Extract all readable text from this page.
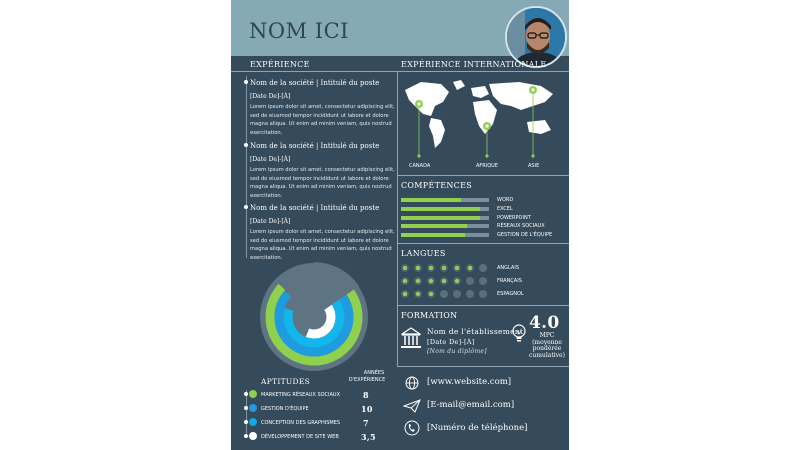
NOM ICI
EXPÉRIENCE	EXPÉRIENCE INTERNATIONALE
Nom de la société | Intitulé du poste
[Date De]-[À]
Lorem ipsum dolor sit amet, consectetur adipiscing elit, sed do eiusmod tempor incididunt ut labore et dolore magna aliqua. Ut enim ad minim veniam, quis nostrud exercitation.
Nom de la société | Intitulé du poste
[Date De]-[À]
Lorem ipsum dolor sit amet, consectetur adipiscing elit, sed do eiusmod tempor incididunt ut labore et dolore magna aliqua. Ut enim ad minim veniam, quis nostrud exercitation.
Nom de la société | Intitulé du poste
[Date De]-[À]
Lorem ipsum dolor sit amet, consectetur adipiscing elit, sed do eiusmod tempor incididunt ut labore et dolore magna aliqua. Ut enim ad minim veniam, quis nostrud exercitation.
APTITUDES
ANNÉES
D'EXPÉRIENCE
MARKETING RÉSEAUX SOCIAUX	8
GESTION D'ÉQUIPE	10
CONCEPTION DES GRAPHISMES	7
DÉVELOPPEMENT DE SITE WEB	3,5
CANADA	AFRIQUE	ASIE
COMPÉTENCES
LANGUES
FORMATION
Nom de l'établissement
[Date De]-[À]
[Nom du diplôme]
4.0
MPC
(moyenne
pondérée
cumulative)
[www.website.com]
[E-mail@email.com]
[Numéro de téléphone]
WORD
EXCEL
POWERPOINT
RÉSEAUX SOCIAUX
GESTION DE L'ÉQUIPE
ANGLAIS
FRANÇAIS
ESPAGNOL
